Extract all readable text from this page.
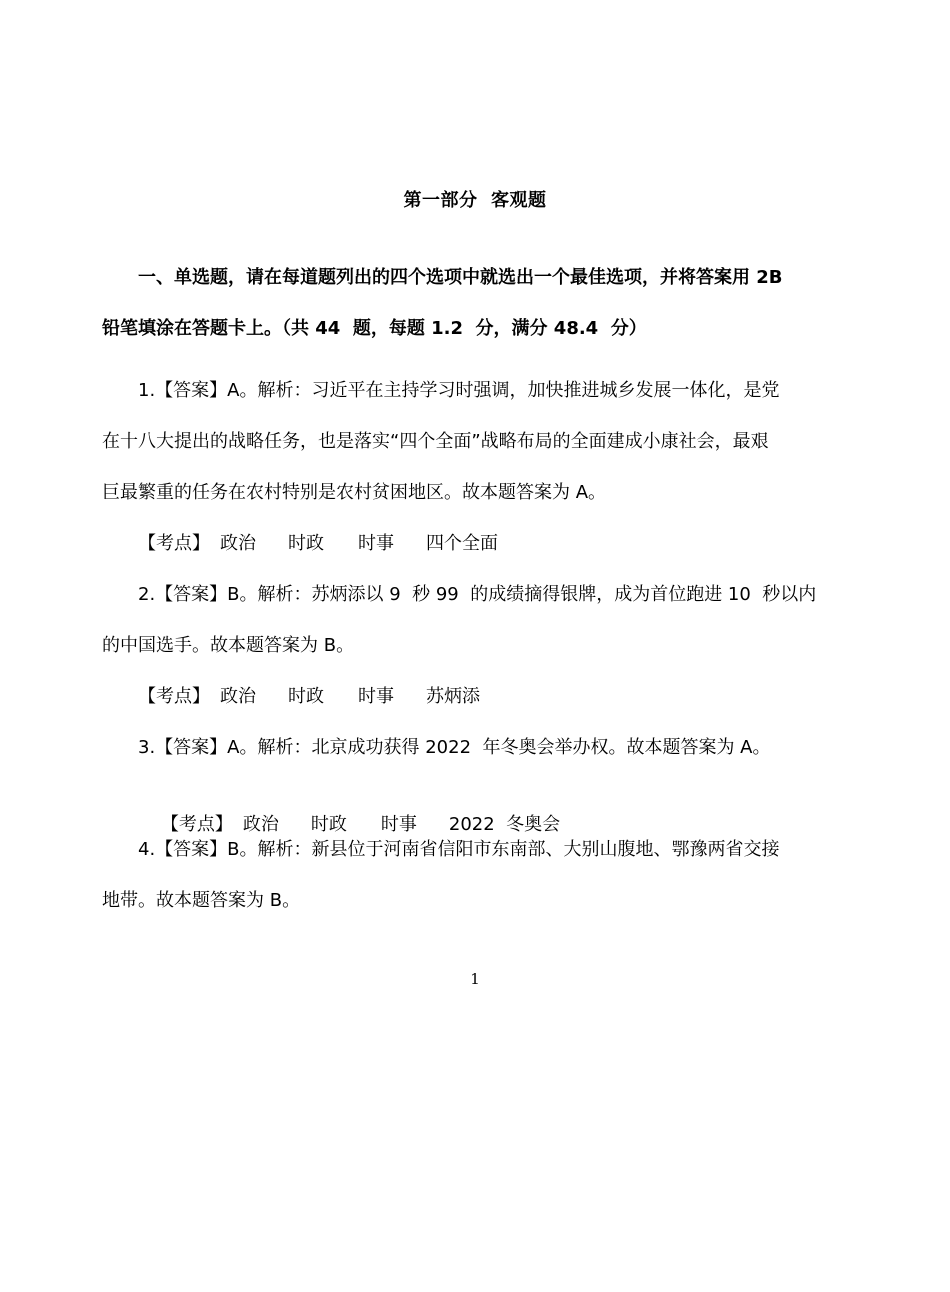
第一部分  客观题
一、单选题，请在每道题列出的四个选项中就选出一个最佳选项，并将答案用 2B
铅笔填涂在答题卡上。（共 44  题，每题 1.2  分，满分 48.4  分）
1.【答案】A。解析：习近平在主持学习时强调，加快推进城乡发展一体化，是党
在十八大提出的战略任务，也是落实“四个全面”战略布局的全面建成小康社会，最艰
巨最繁重的任务在农村特别是农村贫困地区。故本题答案为 A。
【考点】 政治 时政 时事 四个全面
2.【答案】B。解析：苏炳添以 9  秒 99  的成绩摘得银牌，成为首位跑进 10  秒以内
的中国选手。故本题答案为 B。
【考点】 政治 时政 时事 苏炳添
3.【答案】A。解析：北京成功获得 2022  年冬奥会举办权。故本题答案为 A。

【考点】 政治 时政 时事 2022  冬奥会

4.【答案】B。解析：新县位于河南省信阳市东南部、大别山腹地、鄂豫两省交接
地带。故本题答案为 B。
1
